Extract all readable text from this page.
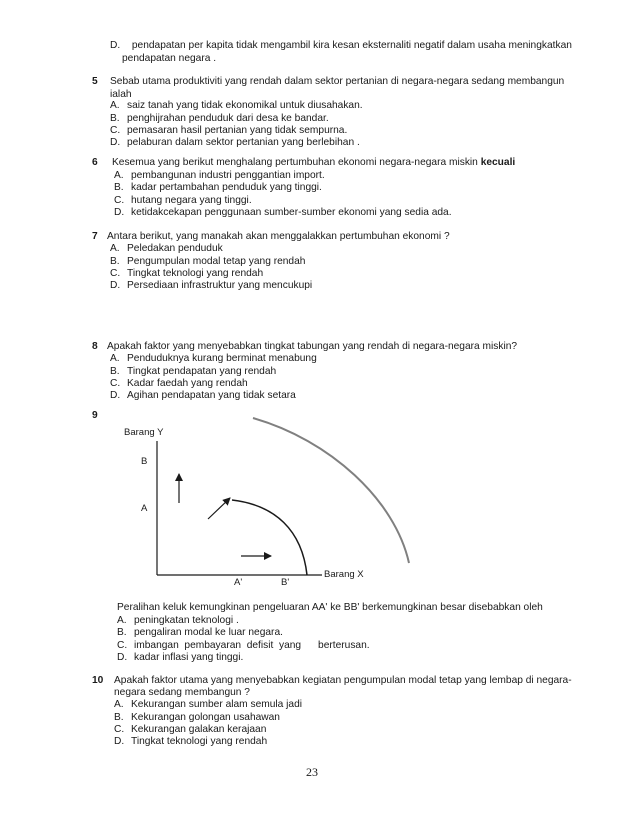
D. pendapatan per kapita tidak mengambil kira kesan eksternaliti negatif dalam usaha meningkatkan
pendapatan negara .
5 Sebab utama produktiviti yang rendah dalam sektor pertanian di negara-negara sedang membangun
ialah
A. saiz tanah yang tidak ekonomikal untuk diusahakan.
B. penghijrahan penduduk dari desa ke bandar.
C. pemasaran hasil pertanian yang tidak sempurna.
D. pelaburan dalam sektor pertanian yang berlebihan .
6 Kesemua yang berikut menghalang pertumbuhan ekonomi negara-negara miskin kecuali
A. pembangunan industri penggantian import.
B. kadar pertambahan penduduk yang tinggi.
C. hutang negara yang tinggi.
D. ketidakcekapan penggunaan sumber-sumber ekonomi yang sedia ada.
7 Antara berikut, yang manakah akan menggalakkan pertumbuhan ekonomi ?
A. Peledakan penduduk
B. Pengumpulan modal tetap yang rendah
C. Tingkat teknologi yang rendah
D. Persediaan infrastruktur yang mencukupi
8 Apakah faktor yang menyebabkan tingkat tabungan yang rendah di negara-negara miskin?
A. Penduduknya kurang berminat menabung
B. Tingkat pendapatan yang rendah
C. Kadar faedah yang rendah
D. Agihan pendapatan yang tidak setara
9
Barang Y
B
A
Barang X
A'	B'
Peralihan keluk kemungkinan pengeluaran AA' ke BB' berkemungkinan besar disebabkan oleh
A. peningkatan teknologi .
B. pengaliran modal ke luar negara.
C. imbangan  pembayaran  defisit  yang      berterusan.
D. kadar inflasi yang tinggi.
10 Apakah faktor utama yang menyebabkan kegiatan pengumpulan modal tetap yang lembap di negara-
negara sedang membangun ?
A. Kekurangan sumber alam semula jadi
B. Kekurangan golongan usahawan
C. Kekurangan galakan kerajaan
D. Tingkat teknologi yang rendah
23
